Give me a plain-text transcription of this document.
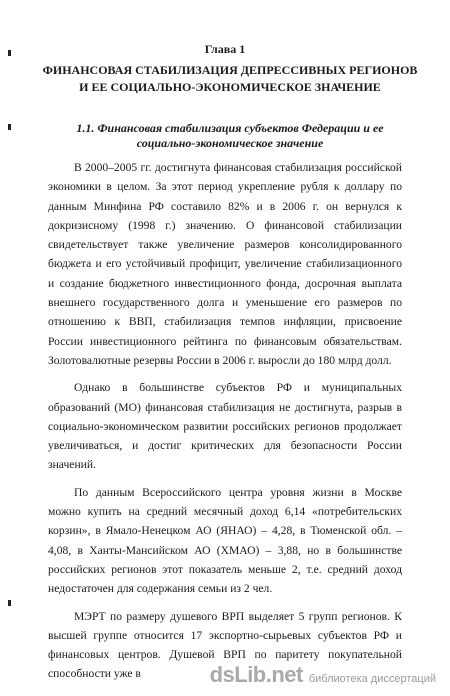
Глава 1
ФИНАНСОВАЯ СТАБИЛИЗАЦИЯ ДЕПРЕССИВНЫХ РЕГИОНОВ И ЕЕ СОЦИАЛЬНО-ЭКОНОМИЧЕСКОЕ ЗНАЧЕНИЕ
1.1. Финансовая стабилизация субъектов Федерации и ее социально-экономическое значение

В 2000–2005 гг. достигнута финансовая стабилизация российской экономики в целом. За этот период укрепление рубля к доллару по данным Минфина РФ составило 82% и в 2006 г. он вернулся к докризисному (1998 г.) значению. О финансовой стабилизации свидетельствует также увеличение размеров консолидированного бюджета и его устойчивый профицит, увеличение стабилизационного и создание бюджетного инвестиционного фонда, досрочная выплата внешнего государственного долга и уменьшение его размеров по отношению к ВВП, стабилизация темпов инфляции, присвоение России инвестиционного рейтинга по финансовым обязательствам. Золотовалютные резервы России в 2006 г. выросли до 180 млрд долл.

Однако в большинстве субъектов РФ и муниципальных образований (МО) финансовая стабилизация не достигнута, разрыв в социально-экономическом развитии российских регионов продолжает увеличиваться, и достиг критических для безопасности России значений.

По данным Всероссийского центра уровня жизни в Москве можно купить на средний месячный доход 6,14 «потребительских корзин», в Ямало-Ненецком АО (ЯНАО) – 4,28, в Тюменской обл. – 4,08, в Ханты-Мансийском АО (ХМАО) – 3,88, но в большинстве российских регионов этот показатель меньше 2, т.е. средний доход недостаточен для содержания семьи из 2 чел.

МЭРТ по размеру душевого ВРП выделяет 5 групп регионов. К высшей группе относится 17 экспортно-сырьевых субъектов РФ и финансовых центров. Душевой ВРП по паритету покупательной способности уже в	dsLib.net библиотека диссертаций
